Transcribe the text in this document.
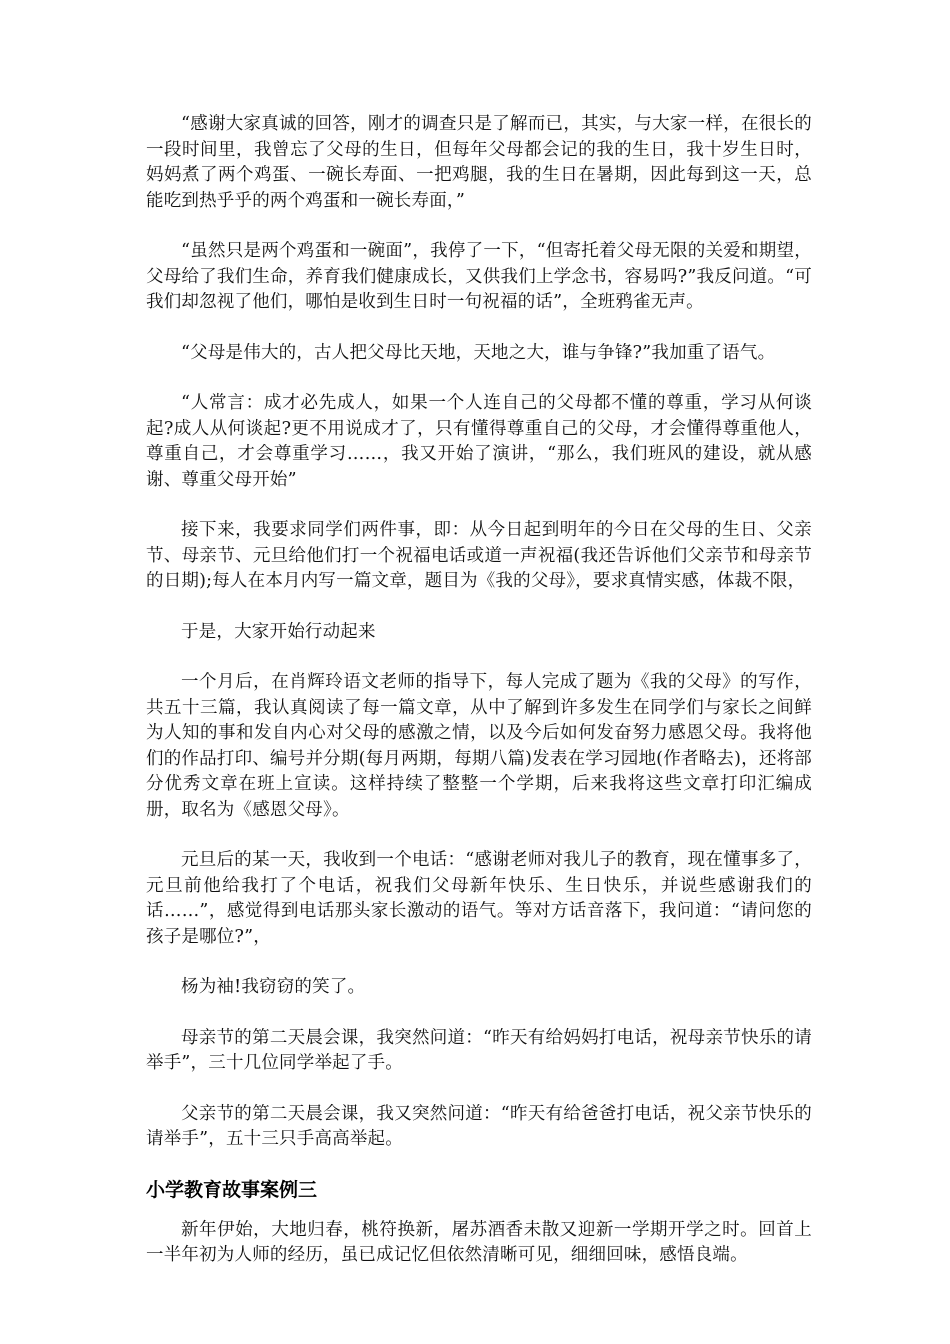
“感谢大家真诚的回答，刚才的调查只是了解而已，其实，与大家一样，在很长的一段时间里，我曾忘了父母的生日，但每年父母都会记的我的生日，我十岁生日时，妈妈煮了两个鸡蛋、一碗长寿面、一把鸡腿，我的生日在暑期，因此每到这一天，总能吃到热乎乎的两个鸡蛋和一碗长寿面，”

“虽然只是两个鸡蛋和一碗面”，我停了一下，“但寄托着父母无限的关爱和期望，父母给了我们生命，养育我们健康成长，又供我们上学念书，容易吗?”我反问道。“可我们却忽视了他们，哪怕是收到生日时一句祝福的话”，全班鸦雀无声。

“父母是伟大的，古人把父母比天地，天地之大，谁与争锋?”我加重了语气。

“人常言：成才必先成人，如果一个人连自己的父母都不懂的尊重，学习从何谈起?成人从何谈起?更不用说成才了，只有懂得尊重自己的父母，才会懂得尊重他人，尊重自己，才会尊重学习……，我又开始了演讲，“那么，我们班风的建设，就从感谢、尊重父母开始”

接下来，我要求同学们两件事，即：从今日起到明年的今日在父母的生日、父亲节、母亲节、元旦给他们打一个祝福电话或道一声祝福(我还告诉他们父亲节和母亲节的日期);每人在本月内写一篇文章，题目为《我的父母》，要求真情实感，体裁不限，

于是，大家开始行动起来

一个月后，在肖辉玲语文老师的指导下，每人完成了题为《我的父母》的写作，共五十三篇，我认真阅读了每一篇文章，从中了解到许多发生在同学们与家长之间鲜为人知的事和发自内心对父母的感激之情，以及今后如何发奋努力感恩父母。我将他们的作品打印、编号并分期(每月两期，每期八篇)发表在学习园地(作者略去)，还将部分优秀文章在班上宣读。这样持续了整整一个学期，后来我将这些文章打印汇编成册，取名为《感恩父母》。

元旦后的某一天，我收到一个电话：“感谢老师对我儿子的教育，现在懂事多了，元旦前他给我打了个电话，祝我们父母新年快乐、生日快乐，并说些感谢我们的话……”，感觉得到电话那头家长激动的语气。等对方话音落下，我问道：“请问您的孩子是哪位?”，

杨为袖!我窃窃的笑了。

母亲节的第二天晨会课，我突然问道：“昨天有给妈妈打电话，祝母亲节快乐的请举手”，三十几位同学举起了手。

父亲节的第二天晨会课，我又突然问道：“昨天有给爸爸打电话，祝父亲节快乐的请举手”，五十三只手高高举起。

小学教育故事案例三

新年伊始，大地归春，桃符换新，屠苏酒香未散又迎新一学期开学之时。回首上一半年初为人师的经历，虽已成记忆但依然清晰可见，细细回味，感悟良端。
